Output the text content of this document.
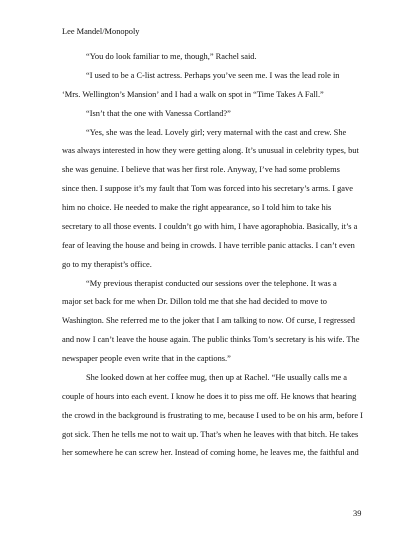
Lee Mandel/Monopoly
“You do look familiar to me, though,” Rachel said.
“I used to be a C-list actress. Perhaps you’ve seen me. I was the lead role in
‘Mrs. Wellington’s Mansion’ and I had a walk on spot in “Time Takes A Fall.”
“Isn’t that the one with Vanessa Cortland?”
“Yes, she was the lead. Lovely girl; very maternal with the cast and crew. She
was always interested in how they were getting along. It’s unusual in celebrity types, but
she was genuine. I believe that was her first role. Anyway, I’ve had some problems
since then. I suppose it’s my fault that Tom was forced into his secretary’s arms. I gave
him no choice. He needed to make the right appearance, so I told him to take his
secretary to all those events. I couldn’t go with him, I have agoraphobia. Basically, it’s a
fear of leaving the house and being in crowds. I have terrible panic attacks. I can’t even
go to my therapist’s office.
“My previous therapist conducted our sessions over the telephone. It was a
major set back for me when Dr. Dillon told me that she had decided to move to
Washington. She referred me to the joker that I am talking to now. Of curse, I regressed
and now I can’t leave the house again. The public thinks Tom’s secretary is his wife. The
newspaper people even write that in the captions.”
She looked down at her coffee mug, then up at Rachel. “He usually calls me a
couple of hours into each event. I know he does it to piss me off. He knows that hearing
the crowd in the background is frustrating to me, because I used to be on his arm, before I
got sick. Then he tells me not to wait up. That’s when he leaves with that bitch. He takes
her somewhere he can screw her. Instead of coming home, he leaves me, the faithful and
39
